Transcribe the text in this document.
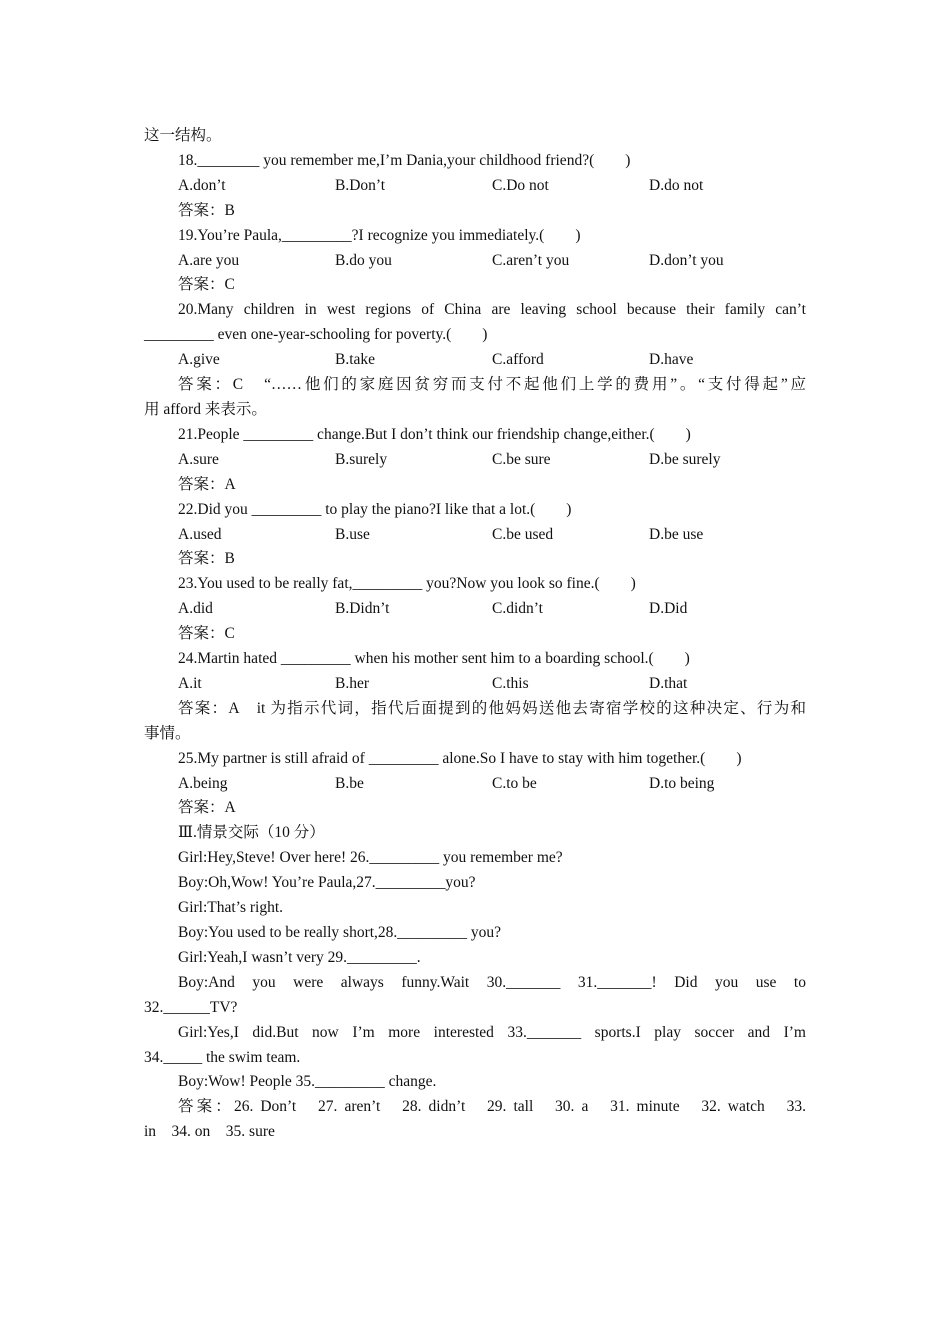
这一结构。
18.________ you remember me,I’m Dania,your childhood friend?(　　)
A.don’t	B.Don’t	C.Do not	D.do not
答案：B
19.You’re Paula,_________?I recognize you immediately.(　　)
A.are you	B.do you	C.aren’t you	D.don’t you
答案：C
20.Many children in west regions of China are leaving school because their family can’t
_________ even one-year-schooling for poverty.(　　)
A.give	B.take	C.afford	D.have
答案：C　“……他们的家庭因贫穷而支付不起他们上学的费用”。“支付得起”应
用 afford 来表示。
21.People _________ change.But I don’t think our friendship change,either.(　　)
A.sure	B.surely	C.be sure	D.be surely
答案：A
22.Did you _________ to play the piano?I like that a lot.(　　)
A.used	B.use	C.be used	D.be use
答案：B
23.You used to be really fat,_________ you?Now you look so fine.(　　)
A.did	B.Didn’t	C.didn’t	D.Did
答案：C
24.Martin hated _________ when his mother sent him to a boarding school.(　　)
A.it	B.her	C.this	D.that
答案：A　it 为指示代词，指代后面提到的他妈妈送他去寄宿学校的这种决定、行为和
事情。
25.My partner is still afraid of _________ alone.So I have to stay with him together.(　　)
A.being	B.be	C.to be	D.to being
答案：A
Ⅲ.情景交际（10 分）
Girl:Hey,Steve! Over here! 26._________ you remember me?
Boy:Oh,Wow! You’re Paula,27._________you?
Girl:That’s right.
Boy:You used to be really short,28._________ you?
Girl:Yeah,I wasn’t very 29._________.
Boy:And you were always funny.Wait 30._______ 31._______! Did you use to
32.______TV?
Girl:Yes,I did.But now I’m more interested 33._______ sports.I play soccer and I’m
34._____ the swim team.
Boy:Wow! People 35._________ change.
答案：26. Don’t　27. aren’t　28. didn’t　29. tall　30. a　31. minute　32. watch　33.
in　34. on　35. sure
